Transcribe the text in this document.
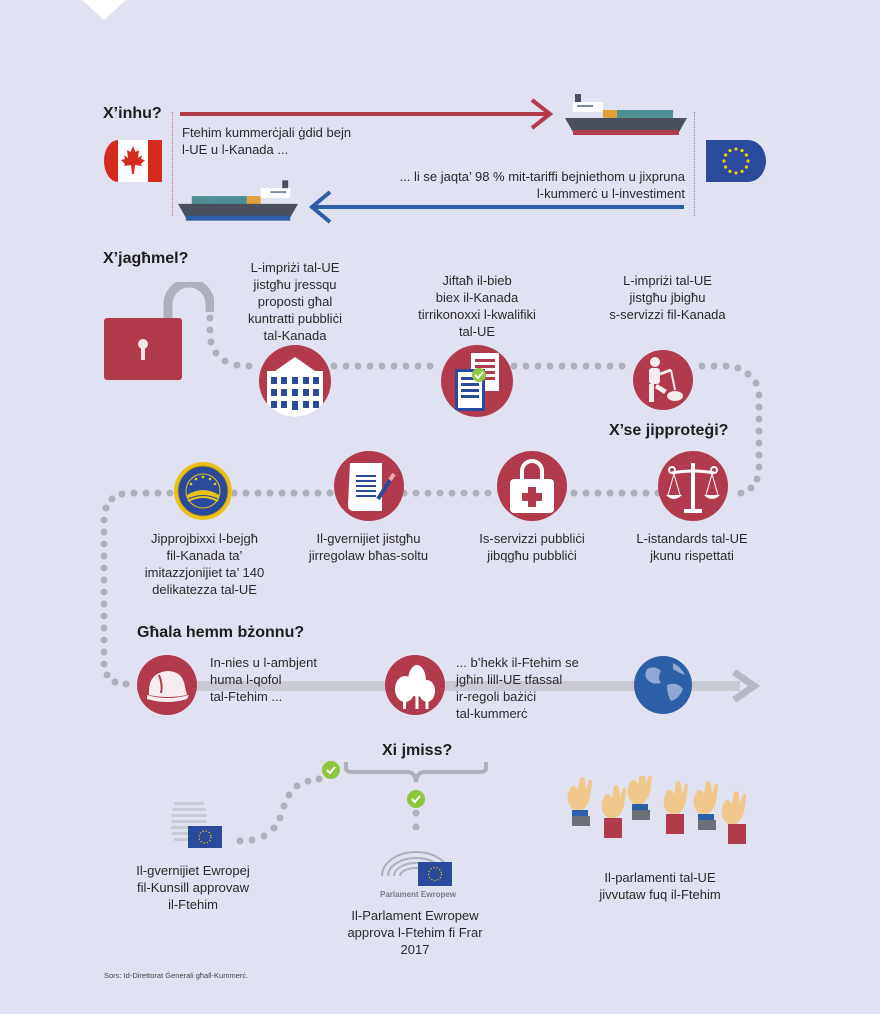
X’inhu?
Ftehim kummerċjali ġdid bejn
l-UE u l-Kanada ...
... li se jaqta’ 98 % mit-tariffi bejniethom u jixpruna
l-kummerċ u l-investiment
X’jagħmel?
L-impriżi tal-UE
jistgħu jressqu
proposti għal
kuntratti pubbliċi
tal-Kanada
Jiftaħ il-bieb
biex il-Kanada
tirrikonoxxi l-kwalifiki
tal-UE
L-impriżi tal-UE
jistgħu jbigħu
s-servizzi fil-Kanada
X’se jipproteġi?
Jipprojbixxi l-bejgħ
fil-Kanada ta’
imitazzjonijiet ta’ 140
delikatezza tal-UE
Il-gvernijiet jistgħu
jirregolaw bħas-soltu
Is-servizzi pubbliċi
jibqgħu pubbliċi
L-istandards tal-UE
jkunu rispettati
Għala hemm bżonnu?
In-nies u l-ambjent
huma l-qofol
tal-Ftehim ...
... b’hekk il-Ftehim se
jgħin lill-UE tfassal
ir-regoli bażiċi
tal-kummerċ
Xi jmiss?
Parlament Ewropew
Il-gvernijiet Ewropej
fil-Kunsill approvaw
il-Ftehim
Il-Parlament Ewropew
approva l-Ftehim fi Frar
2017
Il-parlamenti tal-UE
jivvutaw fuq il-Ftehim
Sors: Id-Direttorat Ġenerali għall-Kummerċ.
